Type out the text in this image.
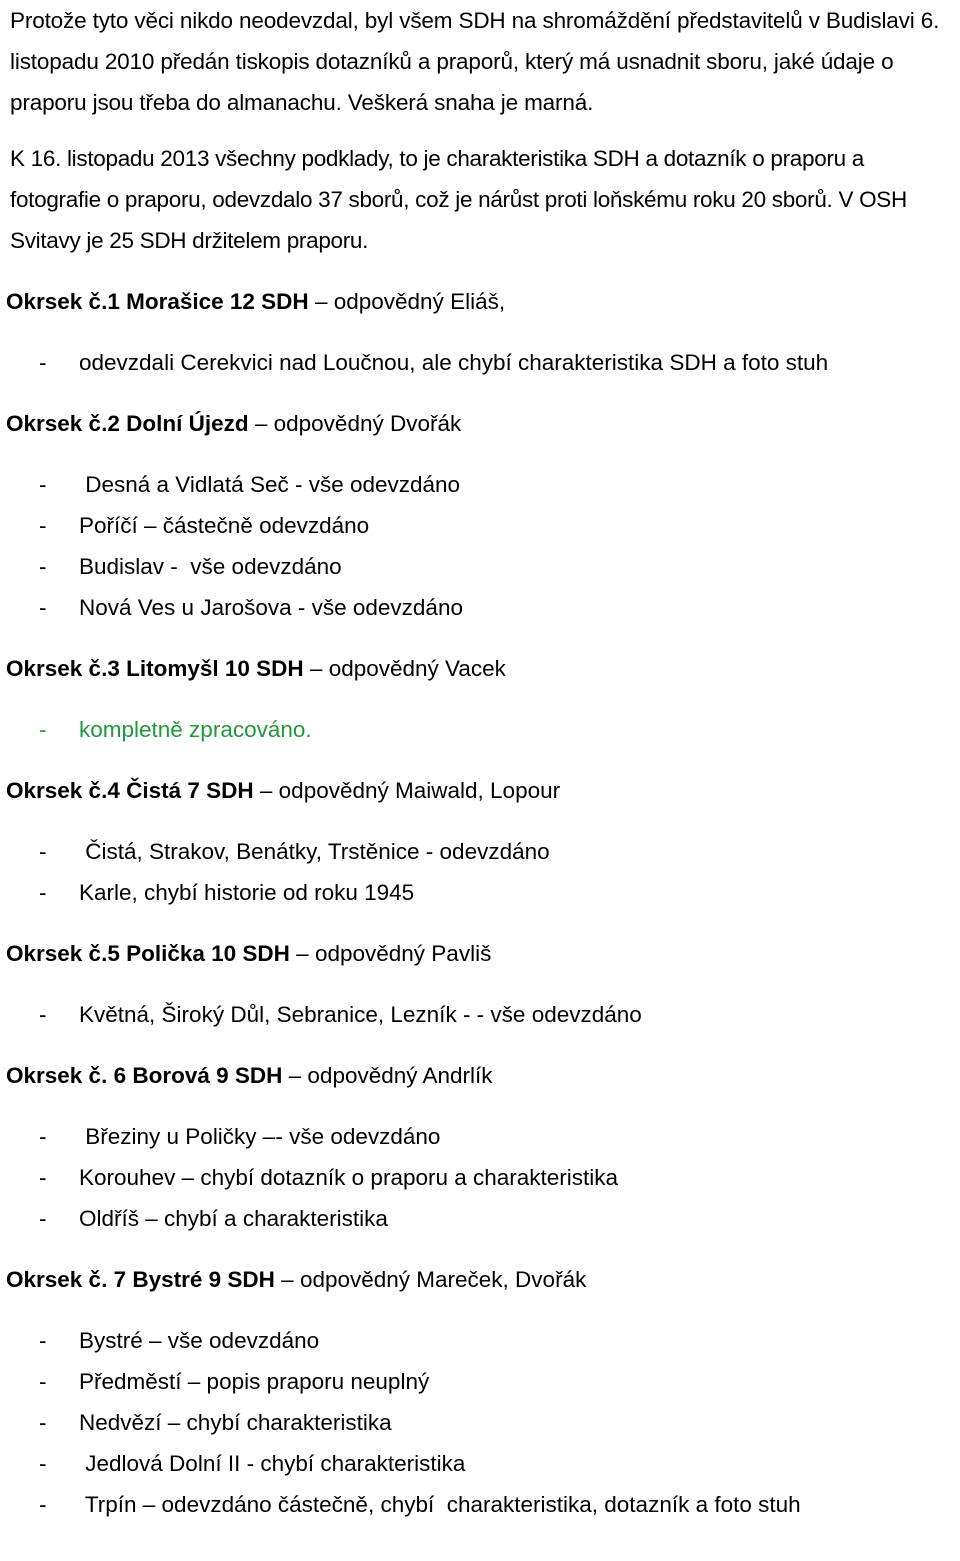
Protože tyto věci nikdo neodevzdal, byl všem SDH na shromáždění představitelů v Budislavi 6. listopadu 2010 předán tiskopis dotazníků a praporů, který má usnadnit sboru, jaké údaje o praporu jsou třeba do almanachu. Veškerá snaha je marná.

K 16. listopadu 2013 všechny podklady, to je charakteristika SDH a dotazník o praporu a fotografie o praporu, odevzdalo 37 sborů, což je nárůst proti loňskému roku 20 sborů. V OSH Svitavy je 25 SDH držitelem praporu.

Okrsek č.1 Morašice 12 SDH – odpovědný Eliáš,

- odevzdali Cerekvici nad Loučnou, ale chybí charakteristika SDH a foto stuh

Okrsek č.2 Dolní Újezd – odpovědný Dvořák

- Desná a Vidlatá Seč - vše odevzdáno
- Poříčí – částečně odevzdáno
- Budislav -  vše odevzdáno
- Nová Ves u Jarošova - vše odevzdáno

Okrsek č.3 Litomyšl 10 SDH – odpovědný Vacek

- kompletně zpracováno.

Okrsek č.4 Čistá 7 SDH – odpovědný Maiwald, Lopour

- Čistá, Strakov, Benátky, Trstěnice - odevzdáno
- Karle, chybí historie od roku 1945

Okrsek č.5 Polička 10 SDH – odpovědný Pavliš

- Květná, Široký Důl, Sebranice, Lezník - - vše odevzdáno

Okrsek č. 6 Borová 9 SDH – odpovědný Andrlík

- Březiny u Poličky –- vše odevzdáno
- Korouhev – chybí dotazník o praporu a charakteristika
- Oldříš – chybí a charakteristika

Okrsek č. 7 Bystré 9 SDH – odpovědný Mareček, Dvořák

- Bystré – vše odevzdáno
- Předměstí – popis praporu neuplný
- Nedvězí – chybí charakteristika
- Jedlová Dolní II - chybí charakteristika
- Trpín – odevzdáno částečně, chybí  charakteristika, dotazník a foto stuh
